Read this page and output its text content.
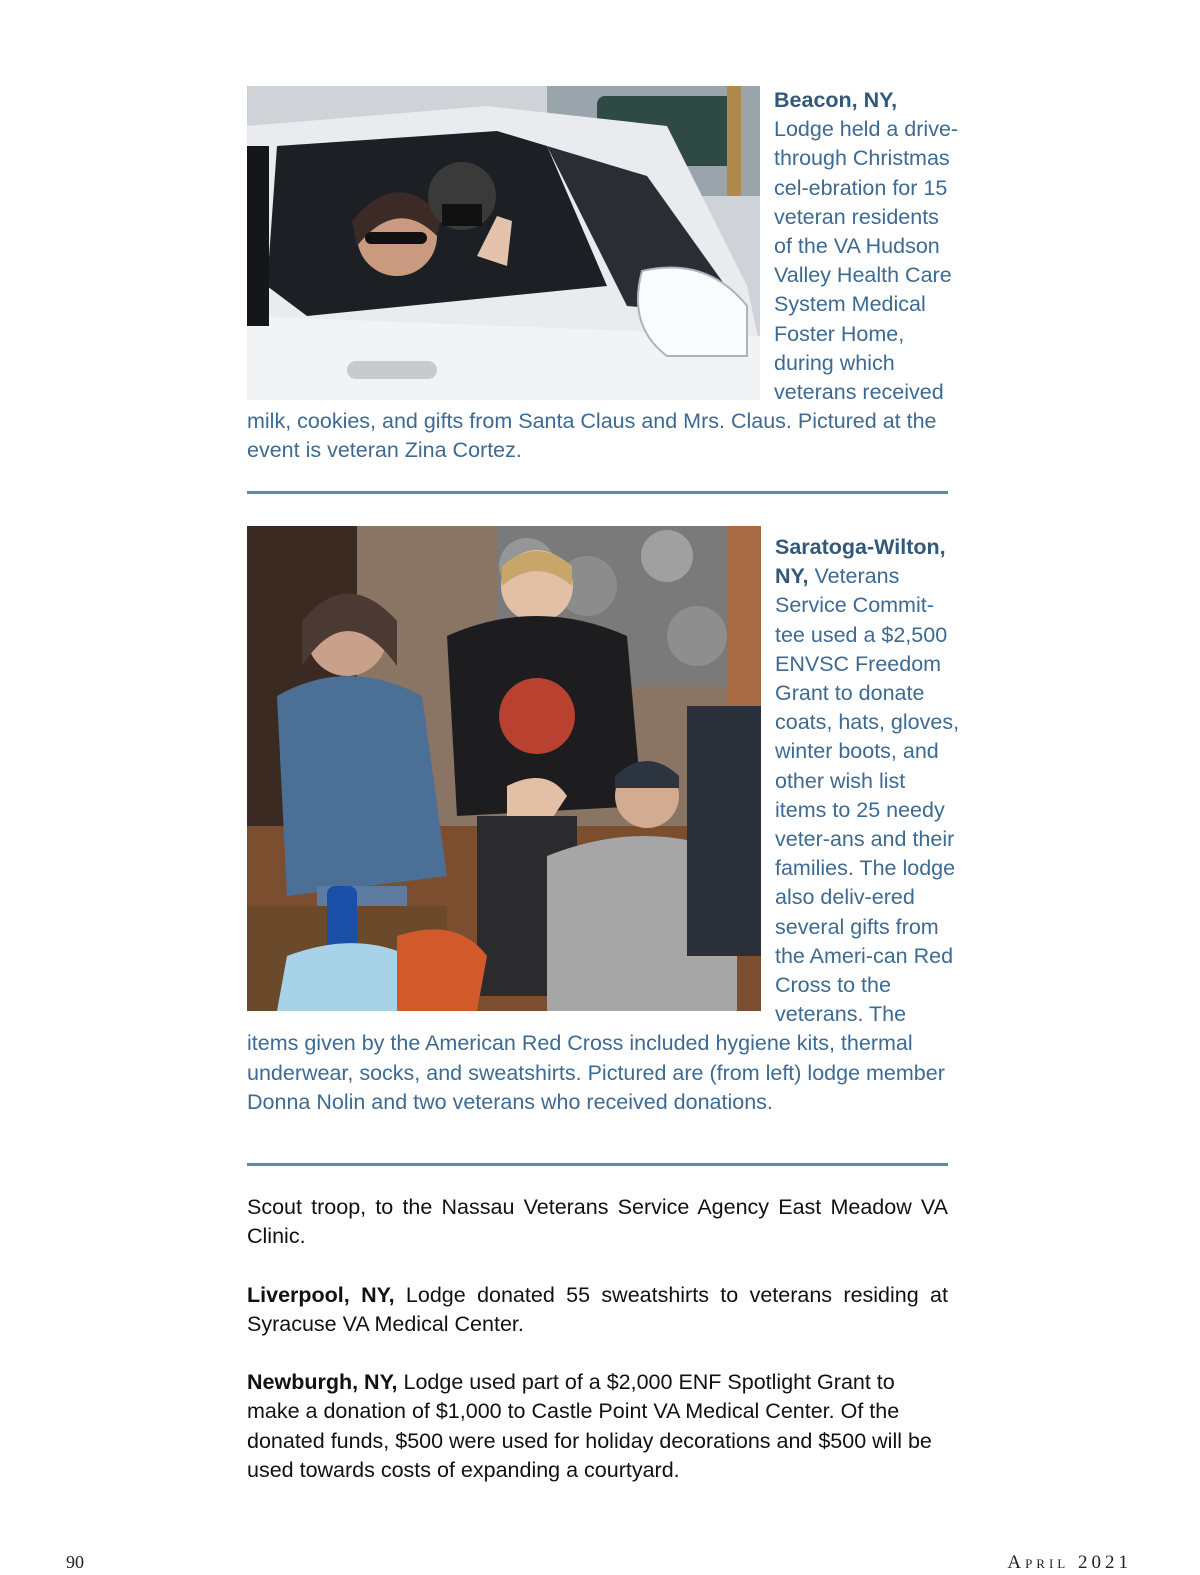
Beacon, NY,
Lodge held a drive-through Christmas cel-ebration for 15 veteran residents of the VA Hudson Valley Health Care System Medical Foster Home, during which veterans received milk, cookies, and gifts from Santa Claus and Mrs. Claus. Pictured at the event is veteran Zina Cortez.

Saratoga-Wilton, NY, Veterans Service Commit-tee used a $2,500 ENVSC Freedom Grant to donate coats, hats, gloves, winter boots, and other wish list items to 25 needy veter-ans and their families. The lodge also deliv-ered several gifts from the Ameri-can Red Cross to the veterans. The items given by the American Red Cross included hygiene kits, thermal underwear, socks, and sweatshirts. Pictured are (from left) lodge member Donna Nolin and two veterans who received donations.

Scout troop, to the Nassau Veterans Service Agency East Meadow VA Clinic.

Liverpool, NY, Lodge donated 55 sweatshirts to veterans residing at Syracuse VA Medical Center.

Newburgh, NY, Lodge used part of a $2,000 ENF Spotlight Grant to make a donation of $1,000 to Castle Point VA Medical Center. Of the donated funds, $500 were used for holiday decorations and $500 will be used towards costs of expanding a courtyard.

90	April 2021
